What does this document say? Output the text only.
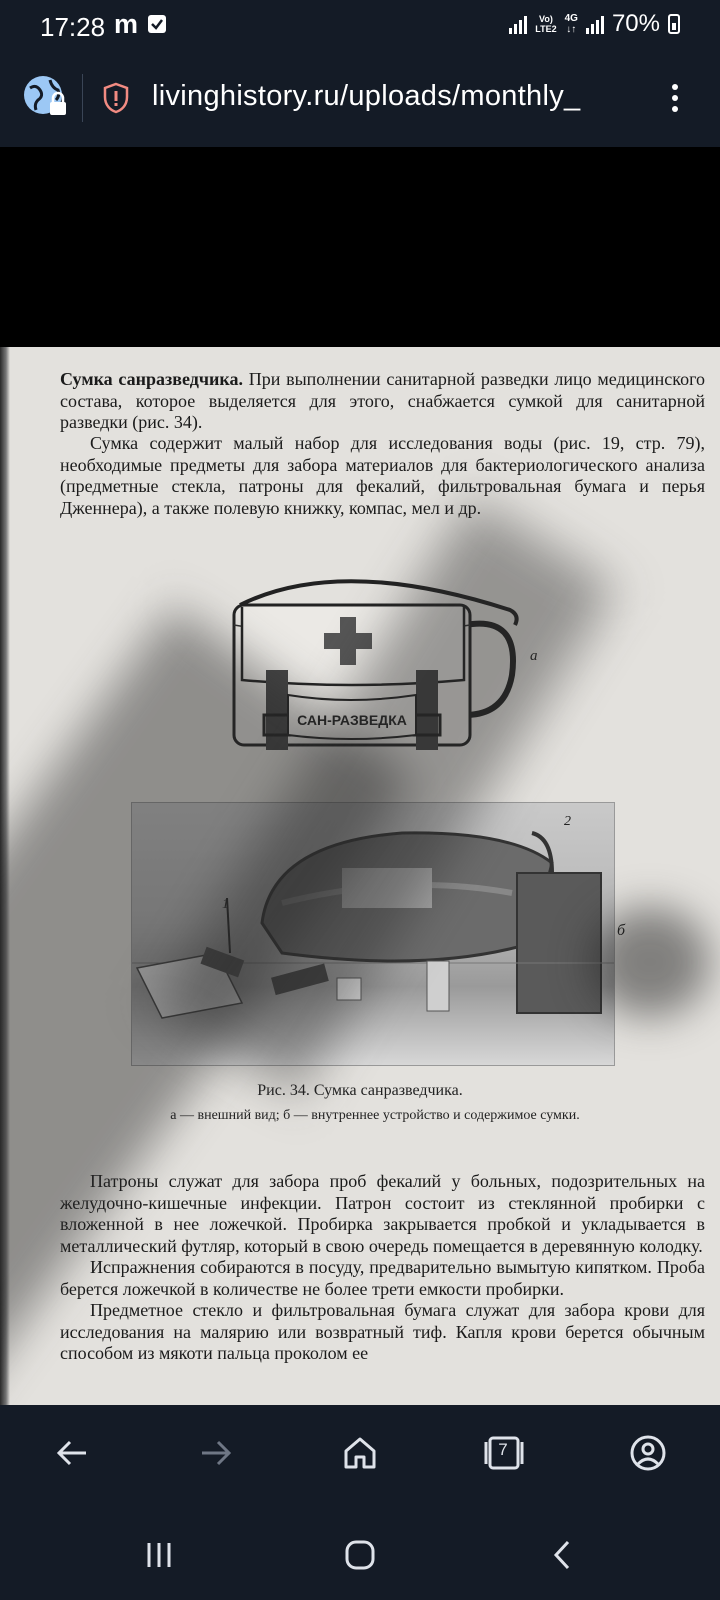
17:28 m	Vo)
LTE2
4G
↓↑ 70%
livinghistory.ru/uploads/monthly_
Сумка санразведчика. При выполнении санитарной разведки лицо медицинского состава, которое выделяется для этого, снабжается сумкой для санитарной разведки (рис. 34).
Сумка содержит малый набор для исследования воды (рис. 19, стр. 79), необходимые предметы для забора материалов для бактериологического анализа (предметные стекла, патроны для фекалий, фильтровальная бумага и перья Дженнера), а также полевую книжку, компас, мел и др.
САН-РАЗВЕДКА
а
1
2
Рис. 34. Сумка санразведчика.
а — внешний вид; б — внутреннее устройство и содержимое сумки.
Патроны служат для забора проб фекалий у больных, подозрительных на желудочно-кишечные инфекции. Патрон состоит из стеклянной пробирки с вложенной в нее ложечкой. Пробирка закрывается пробкой и укладывается в металлический футляр, который в свою очередь помещается в деревянную колодку.
Испражнения собираются в посуду, предварительно вымытую кипятком. Проба берется ложечкой в количестве не более трети емкости пробирки.
Предметное стекло и фильтровальная бумага служат для забора крови для исследования на малярию или возвратный тиф. Капля крови берется обычным способом из мякоти пальца проколом ее
7
